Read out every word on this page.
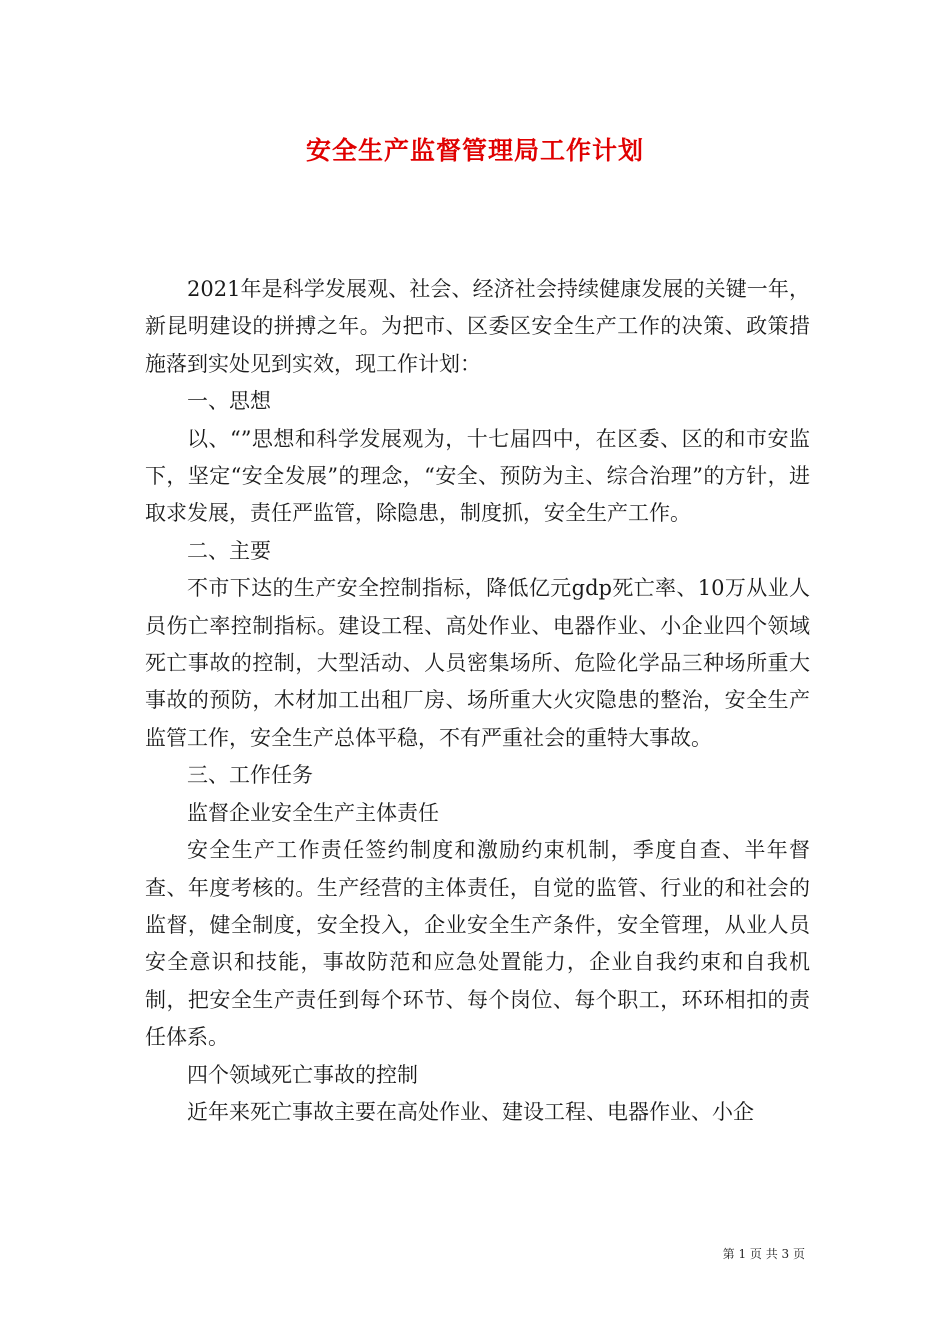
安全生产监督管理局工作计划

2021年是科学发展观、社会、经济社会持续健康发展的关键一年，新昆明建设的拼搏之年。为把市、区委区安全生产工作的决策、政策措施落到实处见到实效，现工作计划：

一、思想

以、“”思想和科学发展观为，十七届四中，在区委、区的和市安监下，坚定“安全发展”的理念，“安全、预防为主、综合治理”的方针，进取求发展，责任严监管，除隐患，制度抓，安全生产工作。

二、主要

不市下达的生产安全控制指标，降低亿元gdp死亡率、10万从业人员伤亡率控制指标。建设工程、高处作业、电器作业、小企业四个领域死亡事故的控制，大型活动、人员密集场所、危险化学品三种场所重大事故的预防，木材加工出租厂房、场所重大火灾隐患的整治，安全生产监管工作，安全生产总体平稳，不有严重社会的重特大事故。

三、工作任务

监督企业安全生产主体责任

安全生产工作责任签约制度和激励约束机制，季度自查、半年督查、年度考核的。生产经营的主体责任，自觉的监管、行业的和社会的监督，健全制度，安全投入，企业安全生产条件，安全管理，从业人员安全意识和技能，事故防范和应急处置能力，企业自我约束和自我机制，把安全生产责任到每个环节、每个岗位、每个职工，环环相扣的责任体系。

四个领域死亡事故的控制

近年来死亡事故主要在高处作业、建设工程、电器作业、小企

第 1 页 共 3 页
